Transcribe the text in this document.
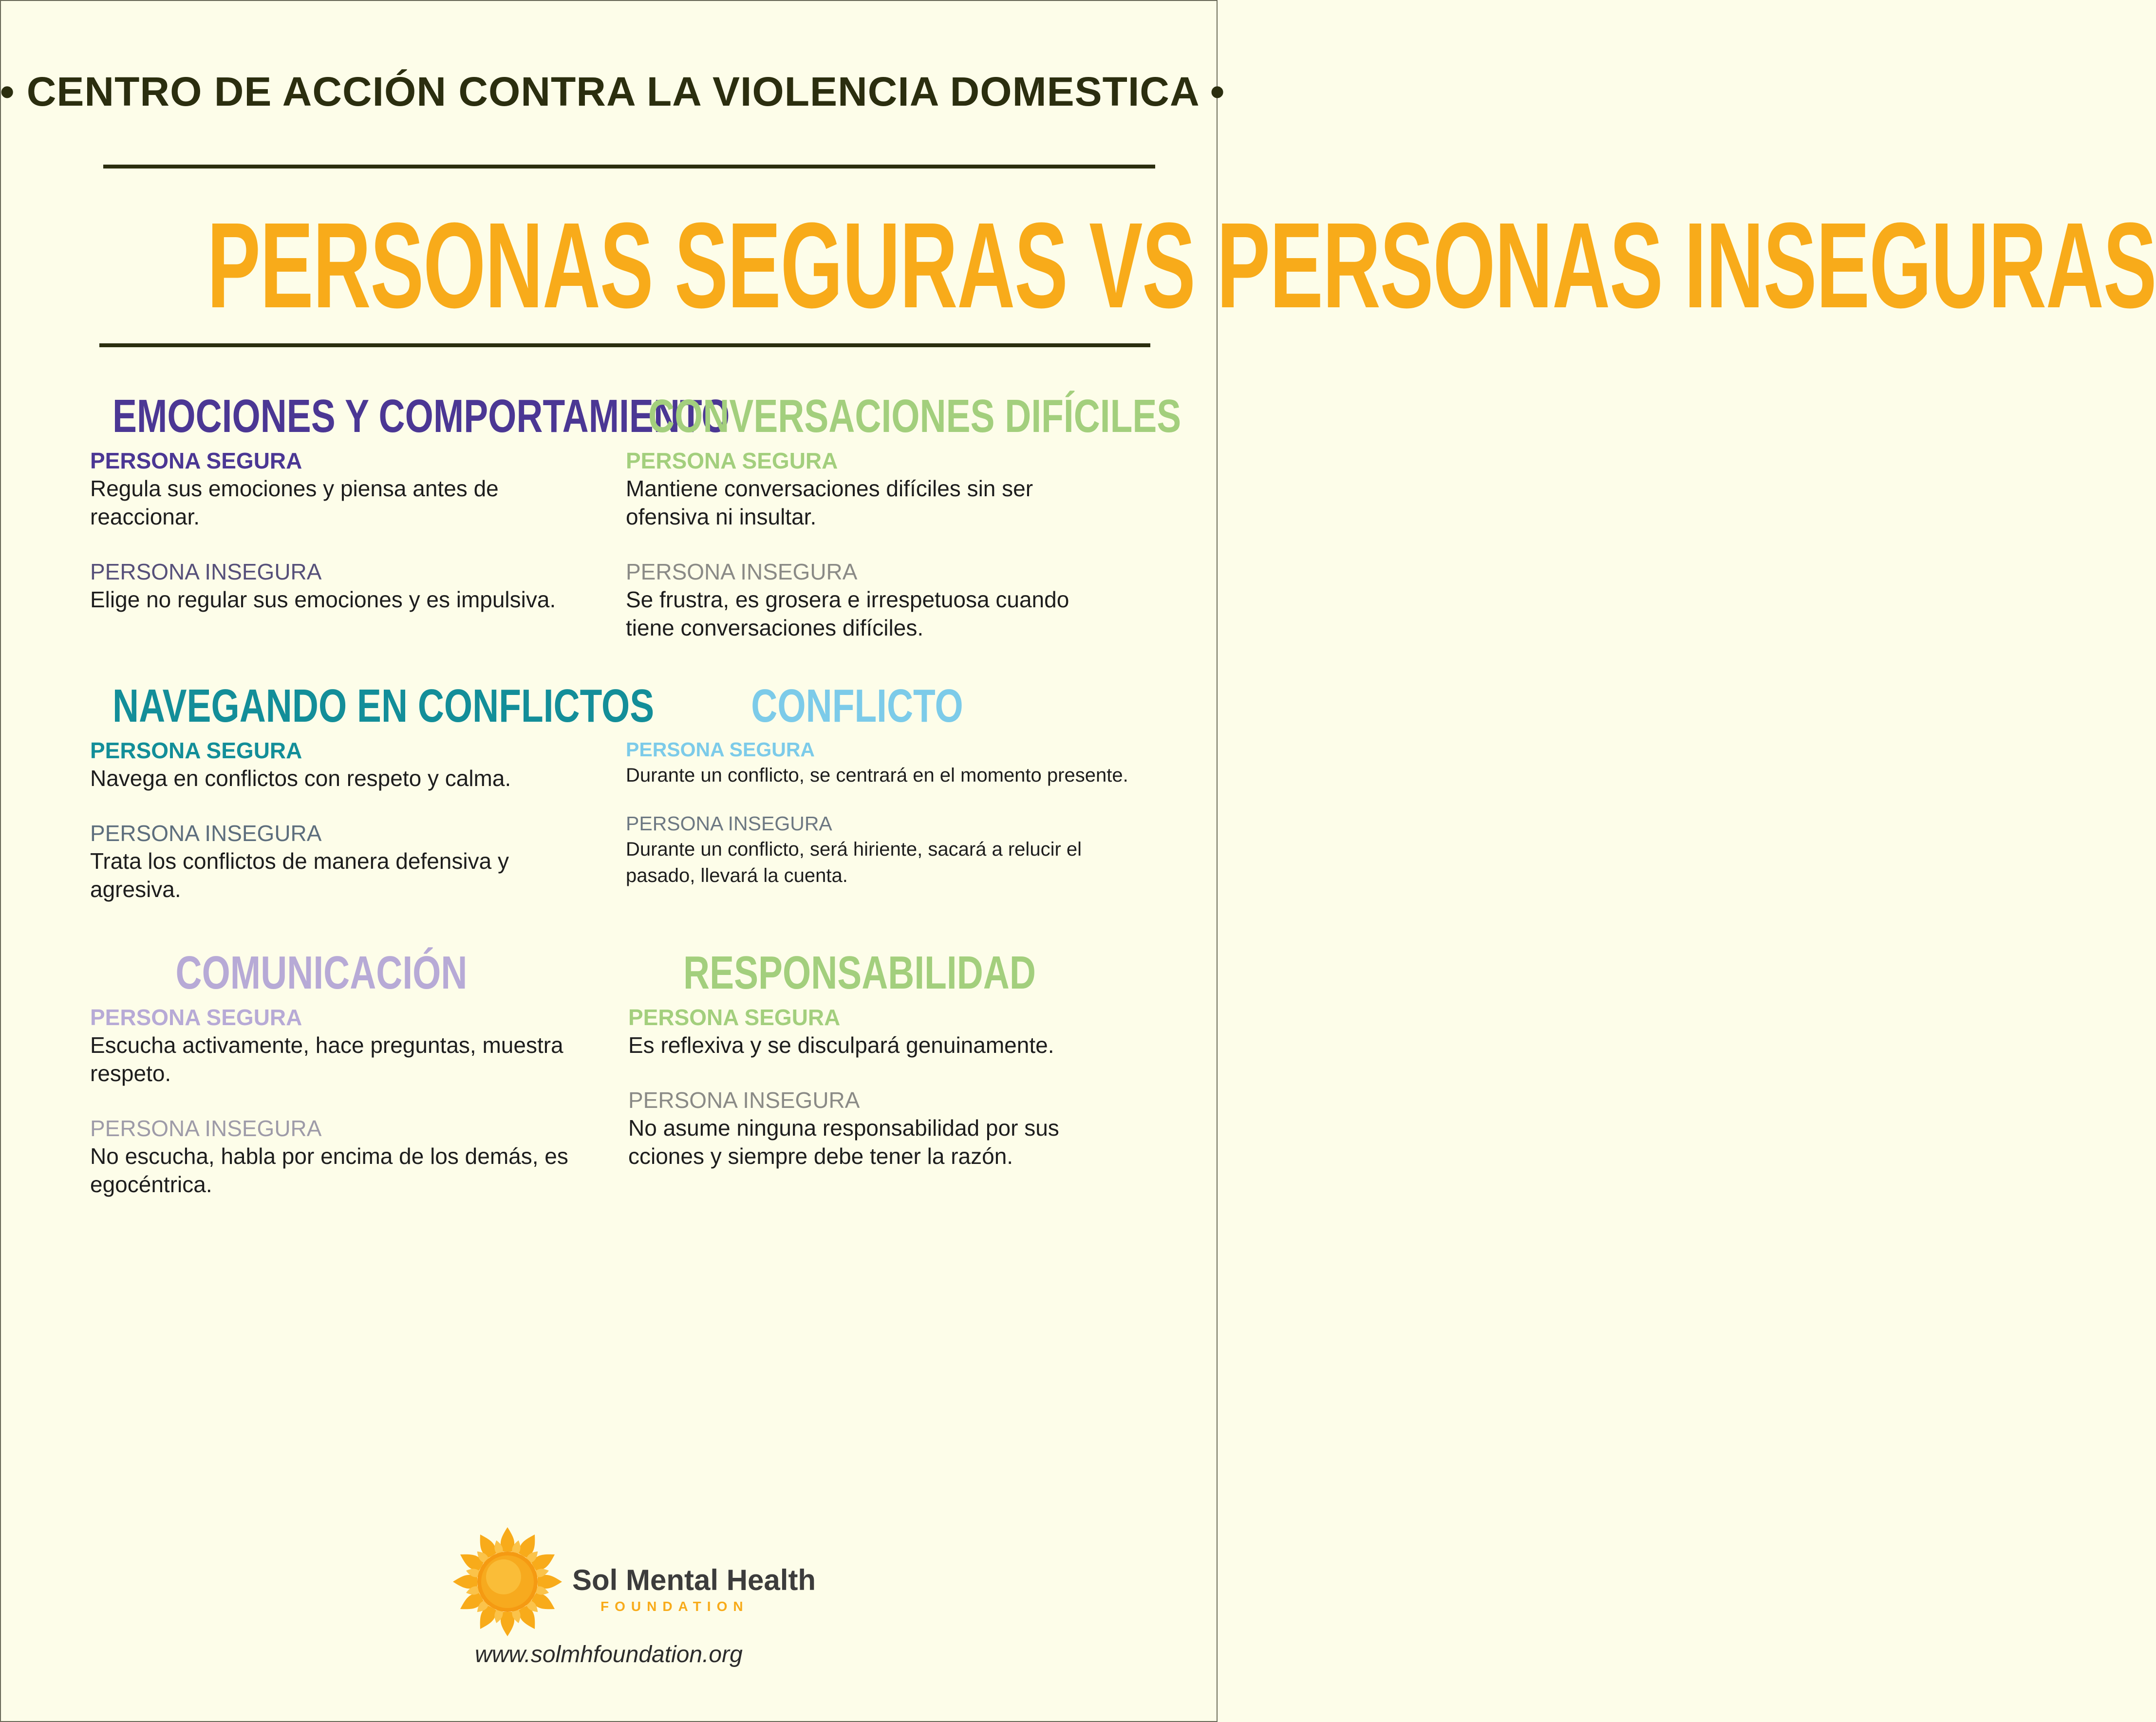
• CENTRO DE ACCIÓN CONTRA LA VIOLENCIA DOMESTICA •
PERSONAS SEGURAS VS PERSONAS INSEGURAS
EMOCIONES Y COMPORTAMIENTO
PERSONA SEGURA
Regula sus emociones y piensa antes de reaccionar.
PERSONA INSEGURA
Elige no regular sus emociones y es impulsiva.
CONVERSACIONES DIFÍCILES
PERSONA SEGURA
Mantiene conversaciones difíciles sin ser ofensiva ni insultar.
PERSONA INSEGURA
Se frustra, es grosera e irrespetuosa cuando tiene conversaciones difíciles.
NAVEGANDO EN CONFLICTOS
PERSONA SEGURA
Navega en conflictos con respeto y calma.
PERSONA INSEGURA
Trata los conflictos de manera defensiva y agresiva.
CONFLICTO
PERSONA SEGURA
Durante un conflicto, se centrará en el momento presente.
PERSONA INSEGURA
Durante un conflicto, será hiriente, sacará a relucir el pasado, llevará la cuenta.
COMUNICACIÓN
PERSONA SEGURA
Escucha activamente, hace preguntas, muestra respeto.
PERSONA INSEGURA
No escucha, habla por encima de los demás, es egocéntrica.
RESPONSABILIDAD
PERSONA SEGURA
Es reflexiva y se disculpará genuinamente.
PERSONA INSEGURA
No asume ninguna responsabilidad por sus cciones y siempre debe tener la razón.
Sol Mental Health
FOUNDATION
www.solmhfoundation.org
